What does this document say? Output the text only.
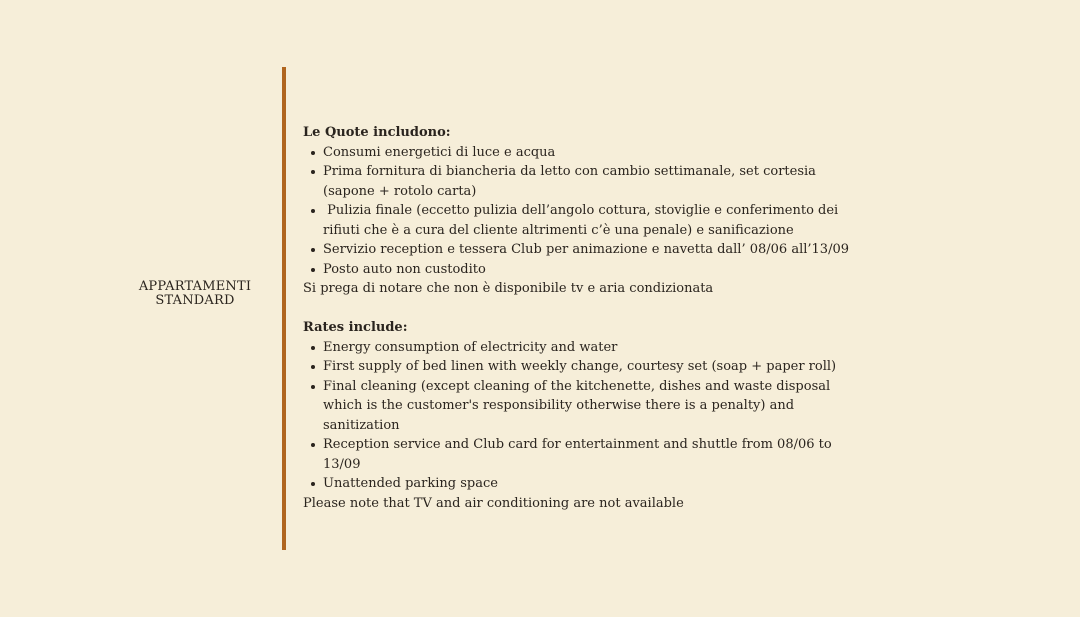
APPARTAMENTI
STANDARD
Le Quote includono:
Consumi energetici di luce e acqua
Prima fornitura di biancheria da letto con cambio settimanale, set cortesia (sapone + rotolo carta)
Pulizia finale (eccetto pulizia dell’angolo cottura, stoviglie e conferimento dei rifiuti che è a cura del cliente altrimenti c’è una penale) e sanificazione
Servizio reception e tessera Club per animazione e navetta dall’ 08/06 all’13/09
Posto auto non custodito
Si prega di notare che non è disponibile tv e aria condizionata
Rates include:
Energy consumption of electricity and water
First supply of bed linen with weekly change, courtesy set (soap + paper roll)
Final cleaning (except cleaning of the kitchenette, dishes and waste disposal which is the customer's responsibility otherwise there is a penalty) and sanitization
Reception service and Club card for entertainment and shuttle from 08/06 to 13/09
Unattended parking space
Please note that TV and air conditioning are not available
